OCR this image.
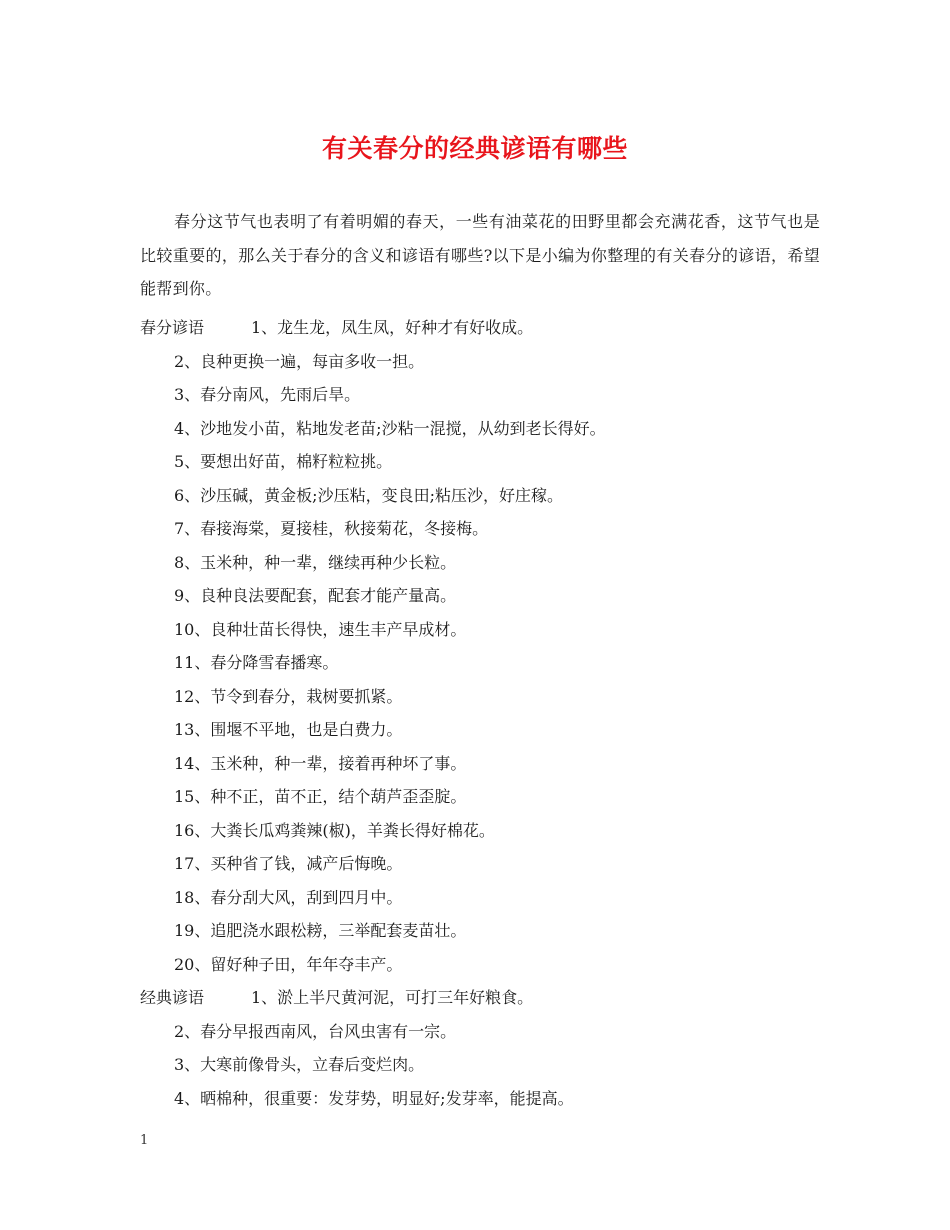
有关春分的经典谚语有哪些
春分这节气也表明了有着明媚的春天，一些有油菜花的田野里都会充满花香，这节气也是比较重要的，那么关于春分的含义和谚语有哪些?以下是小编为你整理的有关春分的谚语，希望能帮到你。
春分谚语	1、龙生龙，凤生凤，好种才有好收成。
2、良种更换一遍，每亩多收一担。
3、春分南风，先雨后旱。
4、沙地发小苗，粘地发老苗;沙粘一混搅，从幼到老长得好。
5、要想出好苗，棉籽粒粒挑。
6、沙压碱，黄金板;沙压粘，变良田;粘压沙，好庄稼。
7、春接海棠，夏接桂，秋接菊花，冬接梅。
8、玉米种，种一辈，继续再种少长粒。
9、良种良法要配套，配套才能产量高。
10、良种壮苗长得快，速生丰产早成材。
11、春分降雪春播寒。
12、节令到春分，栽树要抓紧。
13、围堰不平地，也是白费力。
14、玉米种，种一辈，接着再种坏了事。
15、种不正，苗不正，结个葫芦歪歪腚。
16、大粪长瓜鸡粪辣(椒)，羊粪长得好棉花。
17、买种省了钱，减产后悔晚。
18、春分刮大风，刮到四月中。
19、追肥浇水跟松耪，三举配套麦苗壮。
20、留好种子田，年年夺丰产。
经典谚语	1、淤上半尺黄河泥，可打三年好粮食。
2、春分早报西南风，台风虫害有一宗。
3、大寒前像骨头，立春后变烂肉。
4、晒棉种，很重要：发芽势，明显好;发芽率，能提高。
1
